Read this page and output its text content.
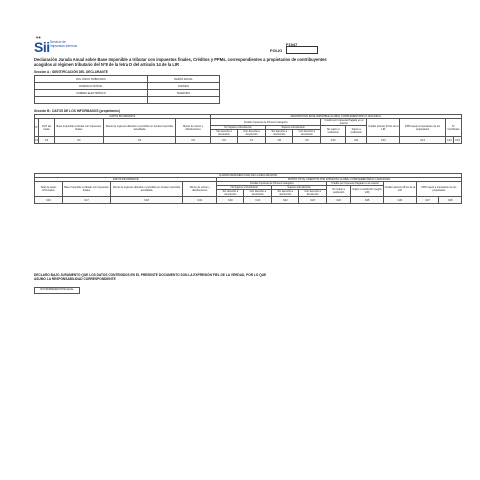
Sii Servicio de Impuestos Internos	F1947
FOLIO
Declaración Jurada Anual sobre Base Imponible a tributar con impuestos finales, Créditos y PPMs, correspondientes a propietarios de contribuyentes acogidos al régimen tributario del N°8 de la letra D del artículo 14 de la LIR
Sección A : IDENTIFICACIÓN DEL DECLARANTE
ROL ÚNICO TRIBUTARIO	RAZÓN SOCIAL
DOMICILIO POSTAL	COMUNA
CORREO ELECTRÓNICO	TELÉFONO

Sección B : DATOS DE LOS INFORMADOS (propietarios)
DATOS INFORMANTE					DESCRIPCIÓN BASE IMPONIBLE GLOBAL COMPLEMENTARIO O ADICIONAL									
N°	RUT del titular	Base Imponible a tributar con impuestos finales	Monto de ingresos diferidos o percibido en la base imponible acreditada	Monto de retiros y distribuciones	Crédito Impuesto de Primera Categoría				Crédito por Impuesto Pagado en el exterior		Crédito artículo 33 bis de la LIR	PPM sujeto a imputación de los propietarios	N° Certificado	
					No Sujetos a Restitución		Sujetos a Restitución		No sujeto a restitución	Sujeto a restitución				
					Sin derecho a devolución	Con derecho a devolución	Sin derecho a devolución	Con derecho a devolución						
C1	C2	C3	C4	C5	C6	C7	C8	C9	C10	C11	C12	C13	C14	C15
CUADRO RESUMEN FINAL DE LA DECLARACIÓN												
DATOS INFORMANTE				MONTO TOTAL CRÉDITOS POR IMPUESTO GLOBAL COMPLEMENTARIO O ADICIONAL								
Total de casos informados	Base Imponible a tributar con impuestos finales	Monto de ingresos diferidos o percibido en la base imponible acreditada	Monto de retiros y distribuciones	Crédito Impuesto de Primera Categoría				Crédito por Impuesto Pagado en el exterior		Crédito artículo 33 bis de la LIR	PPM sujeto a imputación de los propietarios	
				No Sujetos a Restitución		Sujetos a Restitución		No sujeto a restitución	Sujeto a restitución (según LIR)			
				Sin derecho a devolución	Con derecho a devolución	Sin derecho a devolución	Con derecho a devolución					
C16	C17	C18	C19	C20	C21	C22	C23	C24	C25	C26	C27	C28
DECLARO BAJO JURAMENTO QUE LOS DATOS CONTENIDOS EN EL PRESENTE DOCUMENTO SON LA EXPRESIÓN FIEL DE LA VERDAD, POR LO QUE ASUMO LA RESPONSABILIDAD CORRESPONDIENTE
RUT REPRESENTANTE LEGAL
